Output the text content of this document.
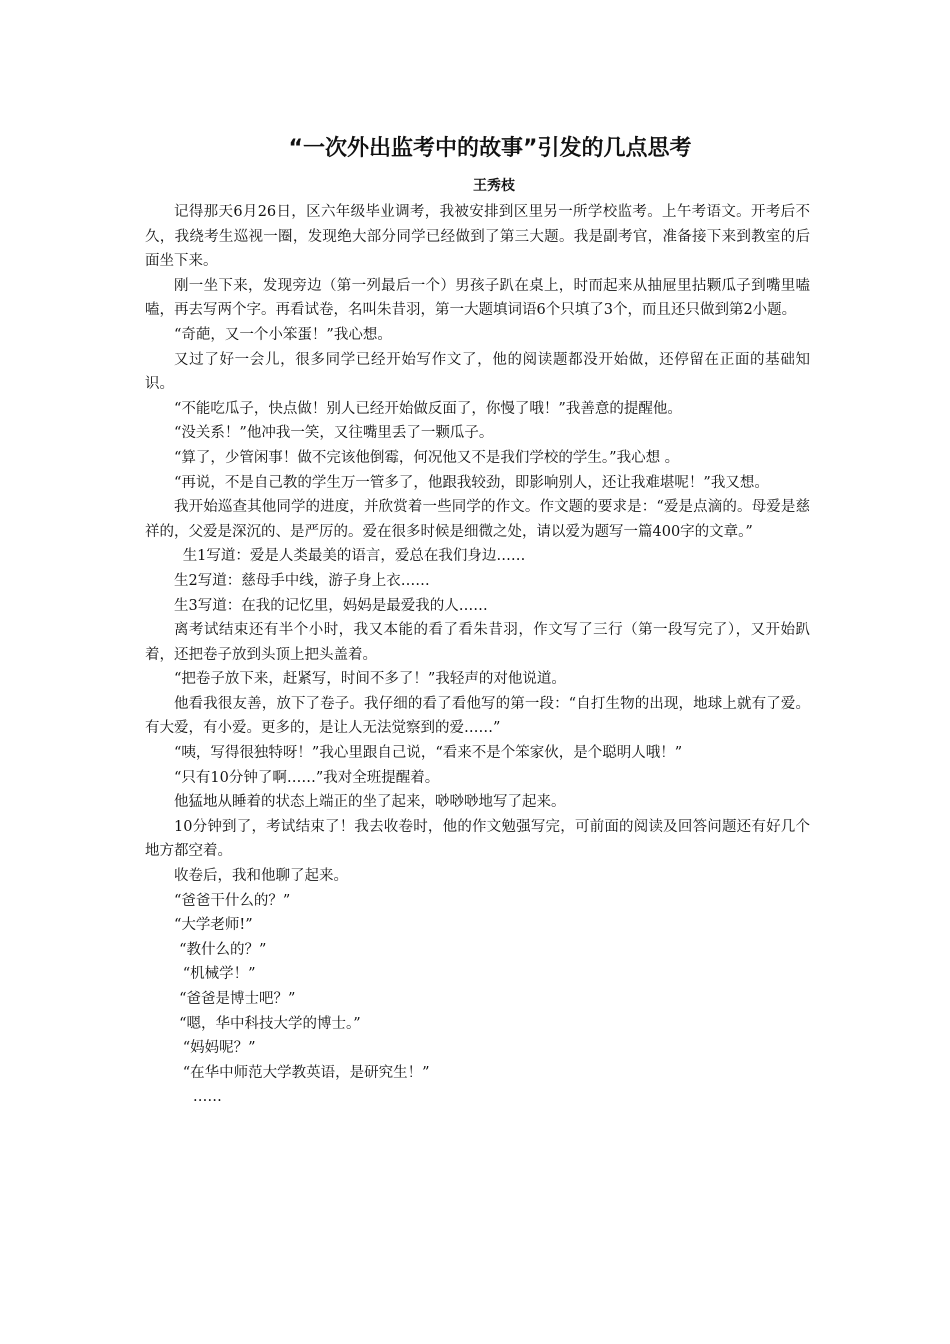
“一次外出监考中的故事”引发的几点思考
王秀枝

记得那天6月26日，区六年级毕业调考，我被安排到区里另一所学校监考。上午考语文。开考后不久，我绕考生巡视一圈，发现绝大部分同学已经做到了第三大题。我是副考官，准备接下来到教室的后面坐下来。

刚一坐下来，发现旁边（第一列最后一个）男孩子趴在桌上，时而起来从抽屉里拈颗瓜子到嘴里嗑嗑，再去写两个字。再看试卷，名叫朱昔羽，第一大题填词语6个只填了3个，而且还只做到第2小题。

“奇葩，又一个小笨蛋！”我心想。

又过了好一会儿，很多同学已经开始写作文了，他的阅读题都没开始做，还停留在正面的基础知识。

“不能吃瓜子，快点做！别人已经开始做反面了，你慢了哦！”我善意的提醒他。

“没关系！”他冲我一笑，又往嘴里丢了一颗瓜子。

“算了，少管闲事！做不完该他倒霉，何况他又不是我们学校的学生。”我心想 。

“再说，不是自己教的学生万一管多了，他跟我较劲，即影响别人，还让我难堪呢！”我又想。

我开始巡查其他同学的进度，并欣赏着一些同学的作文。作文题的要求是：“爱是点滴的。母爱是慈祥的，父爱是深沉的、是严厉的。爱在很多时候是细微之处，请以爱为题写一篇400字的文章。”

生1写道：爱是人类最美的语言，爱总在我们身边……

生2写道：慈母手中线，游子身上衣……

生3写道：在我的记忆里，妈妈是最爱我的人……

离考试结束还有半个小时，我又本能的看了看朱昔羽，作文写了三行（第一段写完了），又开始趴着，还把卷子放到头顶上把头盖着。

“把卷子放下来，赶紧写，时间不多了！”我轻声的对他说道。

他看我很友善，放下了卷子。我仔细的看了看他写的第一段：“自打生物的出现，地球上就有了爱。有大爱，有小爱。更多的，是让人无法觉察到的爱……”

“咦，写得很独特呀！”我心里跟自己说，“看来不是个笨家伙，是个聪明人哦！”

“只有10分钟了啊……”我对全班提醒着。

他猛地从睡着的状态上端正的坐了起来，唦唦唦地写了起来。

10分钟到了，考试结束了！我去收卷时，他的作文勉强写完，可前面的阅读及回答问题还有好几个地方都空着。

收卷后，我和他聊了起来。

“爸爸干什么的？”

“大学老师!”

“教什么的？”

“机械学！”

“爸爸是博士吧？”

“嗯，华中科技大学的博士。”

“妈妈呢？”

“在华中师范大学教英语，是研究生！”

……
